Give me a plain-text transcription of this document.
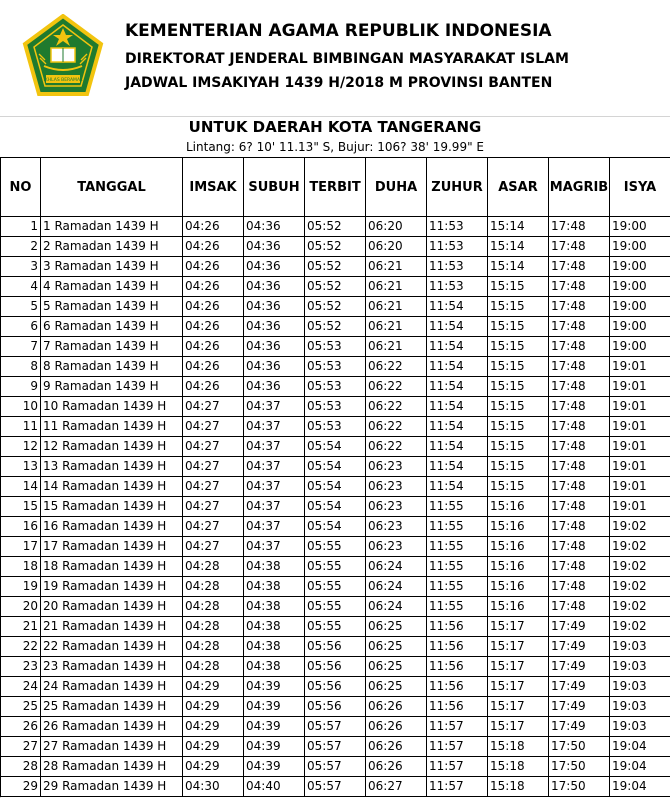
IKHLAS BERAMAL
KEMENTERIAN AGAMA REPUBLIK INDONESIA
DIREKTORAT JENDERAL BIMBINGAN MASYARAKAT ISLAM
JADWAL IMSAKIYAH 1439 H/2018 M PROVINSI BANTEN
UNTUK DAERAH KOTA TANGERANG
Lintang: 6? 10' 11.13" S, Bujur: 106? 38' 19.99" E
NO	TANGGAL	IMSAK	SUBUH	TERBIT	DUHA	ZUHUR	ASAR	MAGRIB	ISYA
1	1 Ramadan 1439 H	04:26	04:36	05:52	06:20	11:53	15:14	17:48	19:00
2	2 Ramadan 1439 H	04:26	04:36	05:52	06:20	11:53	15:14	17:48	19:00
3	3 Ramadan 1439 H	04:26	04:36	05:52	06:21	11:53	15:14	17:48	19:00
4	4 Ramadan 1439 H	04:26	04:36	05:52	06:21	11:53	15:15	17:48	19:00
5	5 Ramadan 1439 H	04:26	04:36	05:52	06:21	11:54	15:15	17:48	19:00
6	6 Ramadan 1439 H	04:26	04:36	05:52	06:21	11:54	15:15	17:48	19:00
7	7 Ramadan 1439 H	04:26	04:36	05:53	06:21	11:54	15:15	17:48	19:00
8	8 Ramadan 1439 H	04:26	04:36	05:53	06:22	11:54	15:15	17:48	19:01
9	9 Ramadan 1439 H	04:26	04:36	05:53	06:22	11:54	15:15	17:48	19:01
10	10 Ramadan 1439 H	04:27	04:37	05:53	06:22	11:54	15:15	17:48	19:01
11	11 Ramadan 1439 H	04:27	04:37	05:53	06:22	11:54	15:15	17:48	19:01
12	12 Ramadan 1439 H	04:27	04:37	05:54	06:22	11:54	15:15	17:48	19:01
13	13 Ramadan 1439 H	04:27	04:37	05:54	06:23	11:54	15:15	17:48	19:01
14	14 Ramadan 1439 H	04:27	04:37	05:54	06:23	11:54	15:15	17:48	19:01
15	15 Ramadan 1439 H	04:27	04:37	05:54	06:23	11:55	15:16	17:48	19:01
16	16 Ramadan 1439 H	04:27	04:37	05:54	06:23	11:55	15:16	17:48	19:02
17	17 Ramadan 1439 H	04:27	04:37	05:55	06:23	11:55	15:16	17:48	19:02
18	18 Ramadan 1439 H	04:28	04:38	05:55	06:24	11:55	15:16	17:48	19:02
19	19 Ramadan 1439 H	04:28	04:38	05:55	06:24	11:55	15:16	17:48	19:02
20	20 Ramadan 1439 H	04:28	04:38	05:55	06:24	11:55	15:16	17:48	19:02
21	21 Ramadan 1439 H	04:28	04:38	05:55	06:25	11:56	15:17	17:49	19:02
22	22 Ramadan 1439 H	04:28	04:38	05:56	06:25	11:56	15:17	17:49	19:03
23	23 Ramadan 1439 H	04:28	04:38	05:56	06:25	11:56	15:17	17:49	19:03
24	24 Ramadan 1439 H	04:29	04:39	05:56	06:25	11:56	15:17	17:49	19:03
25	25 Ramadan 1439 H	04:29	04:39	05:56	06:26	11:56	15:17	17:49	19:03
26	26 Ramadan 1439 H	04:29	04:39	05:57	06:26	11:57	15:17	17:49	19:03
27	27 Ramadan 1439 H	04:29	04:39	05:57	06:26	11:57	15:18	17:50	19:04
28	28 Ramadan 1439 H	04:29	04:39	05:57	06:26	11:57	15:18	17:50	19:04
29	29 Ramadan 1439 H	04:30	04:40	05:57	06:27	11:57	15:18	17:50	19:04
